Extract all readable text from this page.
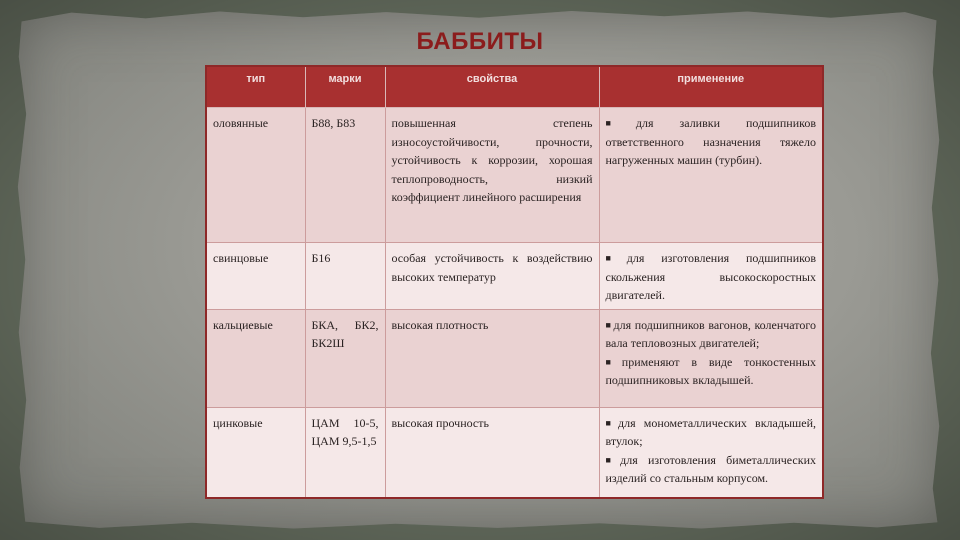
БАББИТЫ
тип	марки	свойства	применение
оловянные	Б88, Б83	повышенная степень износоустойчивости, прочности, устойчивость к коррозии, хорошая теплопроводность, низкий коэффициент линейного расширения	■ для заливки подшипников ответственного назначения тяжело нагруженных машин (турбин).

свинцовые	Б16	особая устойчивость к воздействию высоких температур	■ для изготовления подшипников скольжения высокоскоростных двигателей.

кальциевые	БКА, БК2, БК2Ш	высокая плотность	■ для подшипников вагонов, коленчатого вала тепловозных двигателей;

■ применяют в виде тонкостенных подшипниковых вкладышей.

цинковые	ЦАМ 10-5, ЦАМ 9,5-1,5	высокая прочность	■ для монометаллических вкладышей, втулок;

■ для изготовления биметаллических изделий со стальным корпусом.
